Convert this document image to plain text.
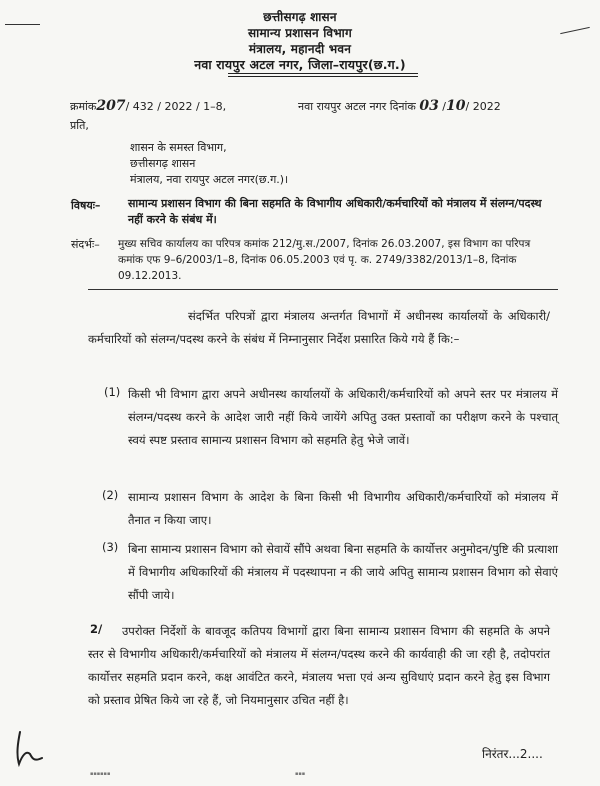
छत्तीसगढ़ शासन
सामान्य प्रशासन विभाग
मंत्रालय, महानदी भवन
नवा रायपुर अटल नगर, जिला–रायपुर(छ.ग.)
क्रमांक207/ 432 / 2022 / 1–8,	नवा रायपुर अटल नगर दिनांक 03 /10/ 2022
प्रति,
शासन के समस्त विभाग,
छत्तीसगढ़ शासन
मंत्रालय, नवा रायपुर अटल नगर(छ.ग.)।
विषयः–	सामान्य प्रशासन विभाग की बिना सहमति के विभागीय अधिकारी/कर्मचारियों को मंत्रालय में संलग्न/पदस्थ नहीं करने के संबंध में।
संदर्भः– मुख्य सचिव कार्यालय का परिपत्र कमांक 212/मु.स./2007, दिनांक 26.03.2007, इस विभाग का परिपत्र कमांक एफ 9–6/2003/1–8, दिनांक 06.05.2003 एवं पृ. क. 2749/3382/2013/1–8, दिनांक 09.12.2013.
संदर्भित परिपत्रों द्वारा मंत्रालय अन्तर्गत विभागों में अधीनस्थ कार्यालयों के अधिकारी/कर्मचारियों को संलग्न/पदस्थ करने के संबंध में निम्नानुसार निर्देश प्रसारित किये गये हैं कि:–
(1) किसी भी विभाग द्वारा अपने अधीनस्थ कार्यालयों के अधिकारी/कर्मचारियों को अपने स्तर पर मंत्रालय में संलग्न/पदस्थ करने के आदेश जारी नहीं किये जायेंगे अपितु उक्त प्रस्तावों का परीक्षण करने के पश्चात् स्वयं स्पष्ट प्रस्ताव सामान्य प्रशासन विभाग को सहमति हेतु भेजे जावें।
(2) सामान्य प्रशासन विभाग के आदेश के बिना किसी भी विभागीय अधिकारी/कर्मचारियों को मंत्रालय में तैनात न किया जाए।
(3) बिना सामान्य प्रशासन विभाग को सेवायें सौंपे अथवा बिना सहमति के कार्योत्तर अनुमोदन/पुष्टि की प्रत्याशा में विभागीय अधिकारियों की मंत्रालय में पदस्थापना न की जाये अपितु सामान्य प्रशासन विभाग को सेवाएं सौंपी जाये।
2/	उपरोक्त निर्देशों के बावजूद कतिपय विभागों द्वारा बिना सामान्य प्रशासन विभाग की सहमति के अपने स्तर से विभागीय अधिकारी/कर्मचारियों को मंत्रालय में संलग्न/पदस्थ करने की कार्यवाही की जा रही है, तदोपरांत कार्योत्तर सहमति प्रदान करने, कक्ष आवंटित करने, मंत्रालय भत्ता एवं अन्य सुविधाएं प्रदान करने हेतु इस विभाग को प्रस्ताव प्रेषित किये जा रहे हैं, जो नियमानुसार उचित नहीं है।
निरंतर...2....
▪▪▪▪▪▪	▪▪▪
